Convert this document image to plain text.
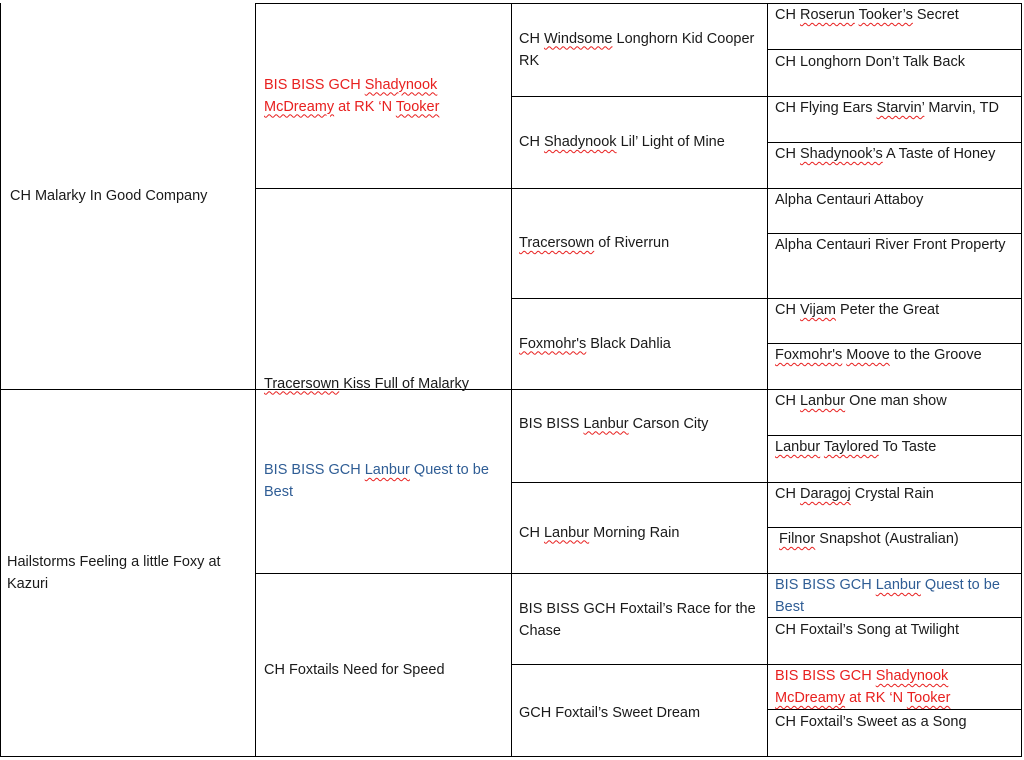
CH Malarky In Good Company
Hailstorms Feeling a little Foxy at Kazuri
BIS BISS GCH Shadynook McDreamy at RK ‘N Tooker
Tracersown Kiss Full of Malarky
BIS BISS GCH Lanbur Quest to be Best
CH Foxtails Need for Speed
CH Windsome Longhorn Kid Cooper RK
CH Shadynook Lil’ Light of Mine
Tracersown of Riverrun
Foxmohr's Black Dahlia
BIS BISS Lanbur Carson City
CH Lanbur Morning Rain
BIS BISS GCH Foxtail’s Race for the Chase
GCH Foxtail’s Sweet Dream
CH Roserun Tooker’s Secret
CH Longhorn Don’t Talk Back
CH Flying Ears Starvin’ Marvin, TD
CH Shadynook’s A Taste of Honey
Alpha Centauri Attaboy
Alpha Centauri River Front Property
CH Vijam Peter the Great
Foxmohr's Moove to the Groove
CH Lanbur One man show
Lanbur Taylored To Taste
CH Daragoj Crystal Rain
Filnor Snapshot (Australian)
BIS BISS GCH Lanbur Quest to be Best
CH Foxtail’s Song at Twilight
BIS BISS GCH Shadynook McDreamy at RK ‘N Tooker
CH Foxtail’s Sweet as a Song
